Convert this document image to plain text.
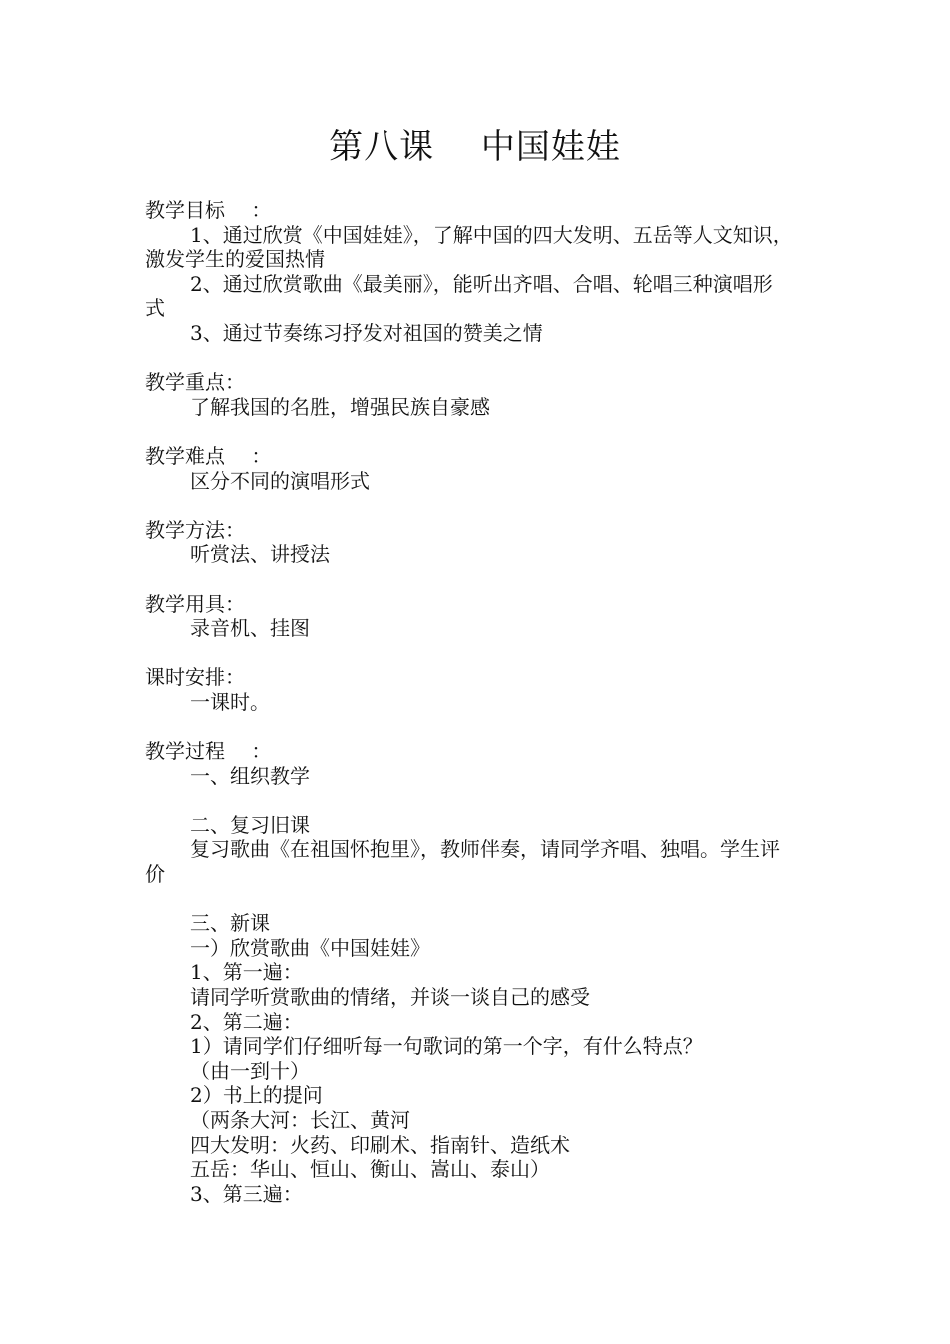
第八课　 中国娃娃
教学目标　 ：
1、通过欣赏《中国娃娃》，了解中国的四大发明、五岳等人文知识，
激发学生的爱国热情
2、通过欣赏歌曲《最美丽》，能听出齐唱、合唱、轮唱三种演唱形
式
3、通过节奏练习抒发对祖国的赞美之情
教学重点：
了解我国的名胜，增强民族自豪感
教学难点　 ：
区分不同的演唱形式
教学方法：
听赏法、讲授法
教学用具：
录音机、挂图
课时安排：
一课时。
教学过程　 ：
一、组织教学
二、复习旧课
复习歌曲《在祖国怀抱里》，教师伴奏，请同学齐唱、独唱。学生评
价
三、新课
一）欣赏歌曲《中国娃娃》
1、第一遍：
请同学听赏歌曲的情绪，并谈一谈自己的感受
2、第二遍：
1）请同学们仔细听每一句歌词的第一个字，有什么特点？
（由一到十）
2）书上的提问
（两条大河：长江、黄河
四大发明：火药、印刷术、指南针、造纸术
五岳：华山、恒山、衡山、嵩山、泰山）
3、第三遍：
